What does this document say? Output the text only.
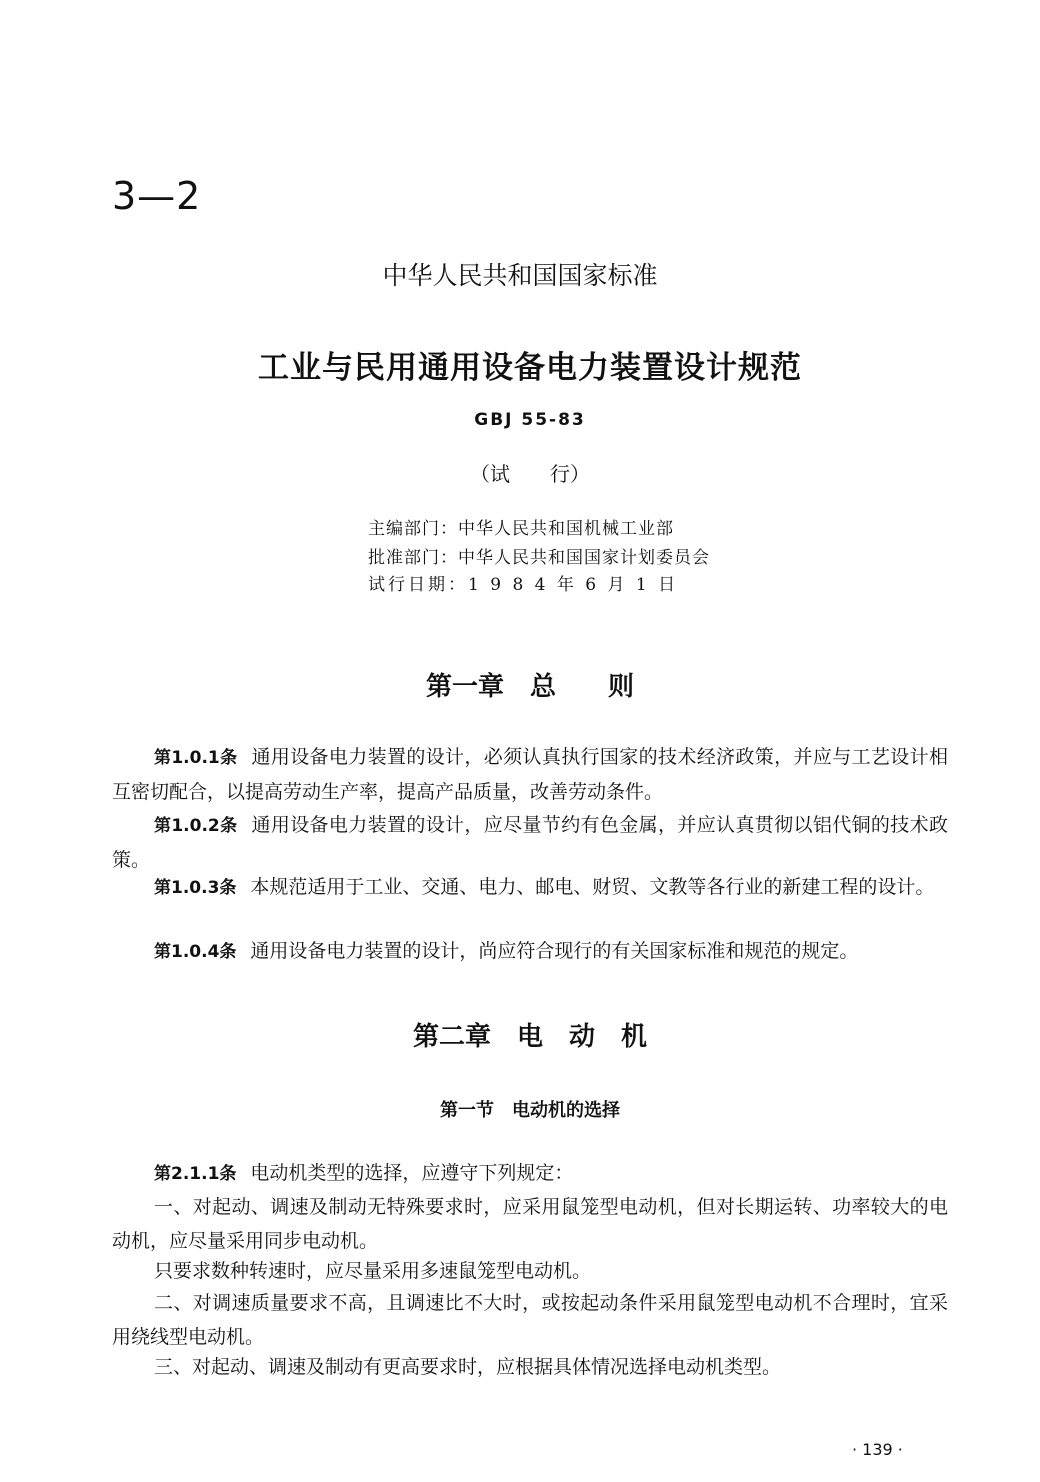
3—2
中华人民共和国国家标准
工业与民用通用设备电力装置设计规范
GBJ 55-83
（试　　行）
主编部门：中华人民共和国机械工业部
批准部门：中华人民共和国国家计划委员会
试行日期：1 9 8 4 年 6 月 1 日
第一章　总　　则
第1.0.1条 通用设备电力装置的设计，必须认真执行国家的技术经济政策，并应与工艺设计相互密切配合，以提高劳动生产率，提高产品质量，改善劳动条件。
第1.0.2条 通用设备电力装置的设计，应尽量节约有色金属，并应认真贯彻以铝代铜的技术政策。
第1.0.3条 本规范适用于工业、交通、电力、邮电、财贸、文教等各行业的新建工程的设计。
第1.0.4条 通用设备电力装置的设计，尚应符合现行的有关国家标准和规范的规定。
第二章　电　动　机
第一节　电动机的选择
第2.1.1条 电动机类型的选择，应遵守下列规定：
一、对起动、调速及制动无特殊要求时，应采用鼠笼型电动机，但对长期运转、功率较大的电动机，应尽量采用同步电动机。
只要求数种转速时，应尽量采用多速鼠笼型电动机。
二、对调速质量要求不高，且调速比不大时，或按起动条件采用鼠笼型电动机不合理时，宜采用绕线型电动机。
三、对起动、调速及制动有更高要求时，应根据具体情况选择电动机类型。
· 139 ·
